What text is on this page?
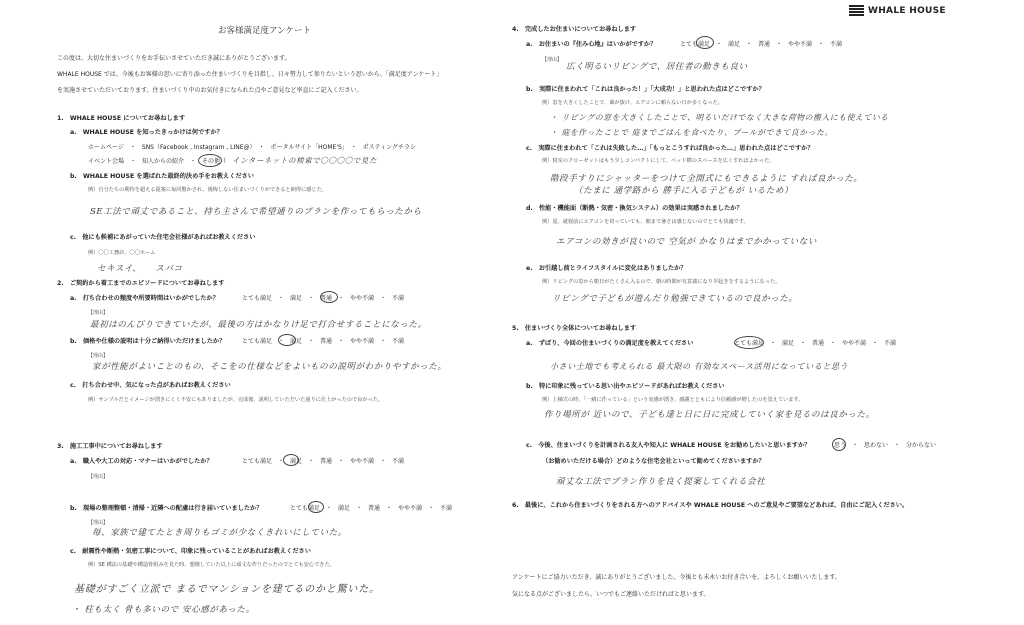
WHALE HOUSE
お客様満足度アンケート
この度は、大切な住まいづくりをお手伝いさせていただき誠にありがとうございます。
WHALE HOUSE では、今後もお客様の思いに寄り添った住まいづくりを目指し、日々努力して参りたいという思いから、「満足度アンケート」
を実施させていただいております。住まいづくり中のお気付きになられた点やご意見など率直にご記入ください。
1.　WHALE HOUSE についてお尋ねします
a.　WHALE HOUSE を知ったきっかけは何ですか？
ホームページ　・　SNS（Facebook , Instagram , LINE@）　・　ポータルサイト「HOME'S」　・　ポスティングチラシ
イベント会場　・　知人からの紹介　・　その他（ インターネットの検索で〇〇〇〇で見た
b.　WHALE HOUSE を選ばれた最終的決め手をお教えください
例）自分たちの期待を超える提案に毎回驚かされ、後悔しない住まいづくりができると納得に感じた。
SE工法で頑丈であること、持ち主さんで希望通りのプランを作ってもらったから
c.　他にも候補にあがっていた住宅会社様があればお教えください
例）〇〇工務店、〇〇ホーム
セキスイ、　　スバコ
2.　ご契約から着工までのエピソードについてお尋ねします
a.　打ち合わせの頻度や所要時間はいかがでしたか？	とても満足　・　満足　・　普通　・　やや不満　・　不満
【理由】
最初はのんびりできていたが、最後の方はかなりけ足で打合せすることになった。
b.　価格や仕様の説明は十分ご納得いただけましたか？	とても満足　・　満足　・　普通　・　やや不満　・　不満
【理由】
家が性能がよいことのもの、そこをの仕様などをよいものの説明がわかりやすかった。
c.　打ち合わせ中、気になった点があればお教えください
例）サンプルだとイメージが湧きにくく不安にもありましたが、完成後、説明していただいた通りに仕上がったので良かった。
3.　施工工事中についてお尋ねします
a.　職人や大工の対応・マナーはいかがでしたか？	とても満足　・　満足　・　普通　・　やや不満　・　不満
【理由】
b.　現場の整理整頓・清掃・近隣への配慮は行き届いていましたか？	とても満足　・　満足　・　普通　・　やや不満　・　不満
【理由】
毎、家族で建てたとき周りもゴミが少なくきれいにしていた。
c.　耐震性や断熱・気密工事について、印象に残っていることがあればお教えください
例）SE 構法の基礎や構造骨組みを見た時、想像していた以上に頑丈な作りだったのでとても安心できた。
基礎がすごく立派で まるでマンションを建てるのかと驚いた。
・ 柱も太く 骨も多いので 安心感があった。
4.　完成したお住まいについてお尋ねします
a.　お住まいの『住み心地』はいかがですか？	とても満足　・　満足　・　普通　・　やや不満　・　不満
【理由】
広く明るいリビングで、居住者の動きも良い
b.　実際に住まわれて「これは良かった！」「大成功！」と思われた点はどこですか？
例）窓を大きくしたことで、風が抜け、エアコンに頼らない日が多くなった。
・ リビングの窓を大きくしたことで、明るいだけでなく大きな荷物の搬入にも使えている
・ 庭を作ったことで 庭までごはんを食べたり、プールができて良かった。
c.　実際に住まわれて「これは失敗した…」「もっとこうすれば良かった…」思われた点はどこですか？
例）寝室のクローゼットはもう少しコンパクトにして、ベッド横のスペースを広くすればよかった。
階段手すりにシャッターをつけて全開式にもできるように すれば良かった。
（たまに 通学路から 勝手に入る子どもが いるため）
d.　性能・機能面（断熱・気密・換気システム）の効果は実感されましたか？
例）夏、就寝前にエアコンを切っていても、朝まで暑さは感じないのでとても快適です。
エアコンの効きが良いので 空気が かなりはまでかかっていない
e.　お引越し前とライフスタイルに変化はありましたか？
例）リビングの窓から朝日がたくさん入るので、朝の時間が有意義になり早起きをするようになった。
リビングで子どもが遊んだり勉強できているので良かった。
5.　住まいづくり全体についてお尋ねします
a.　ずばり、今回の住まいづくりの満足度を教えてください	とても満足　・　満足　・　普通　・　やや不満　・　不満
小さい土地でも考えられる 最大限の 有効なスペース活用になっていると思う
b.　特に印象に残っている思い出やエピソードがあればお教えください
例）上棟式の時、「一緒に作っている」という実感が湧き、感謝とともにより信頼感が増したのを覚えています。
作り場所が 近いので、子ども達と日に日に完成していく家を見るのは良かった。
c.　今後、住まいづくりを計画される友人や知人に WHALE HOUSE をお勧めしたいと思いますか？	思う　・　思わない　・　分からない
（お勧めいただける場合）どのような住宅会社といって勧めてくださいますか？
頑丈な工法でプラン作りを良く提案してくれる会社
6.　最後に、これから住まいづくりをされる方へのアドバイスや WHALE HOUSE へのご意見やご要望などあれば、自由にご記入ください。
アンケートにご協力いただき、誠にありがとうございました。今後とも末永いお付き合いを、よろしくお願いいたします。
気になる点がございましたら、いつでもご連絡いただければと思います。
